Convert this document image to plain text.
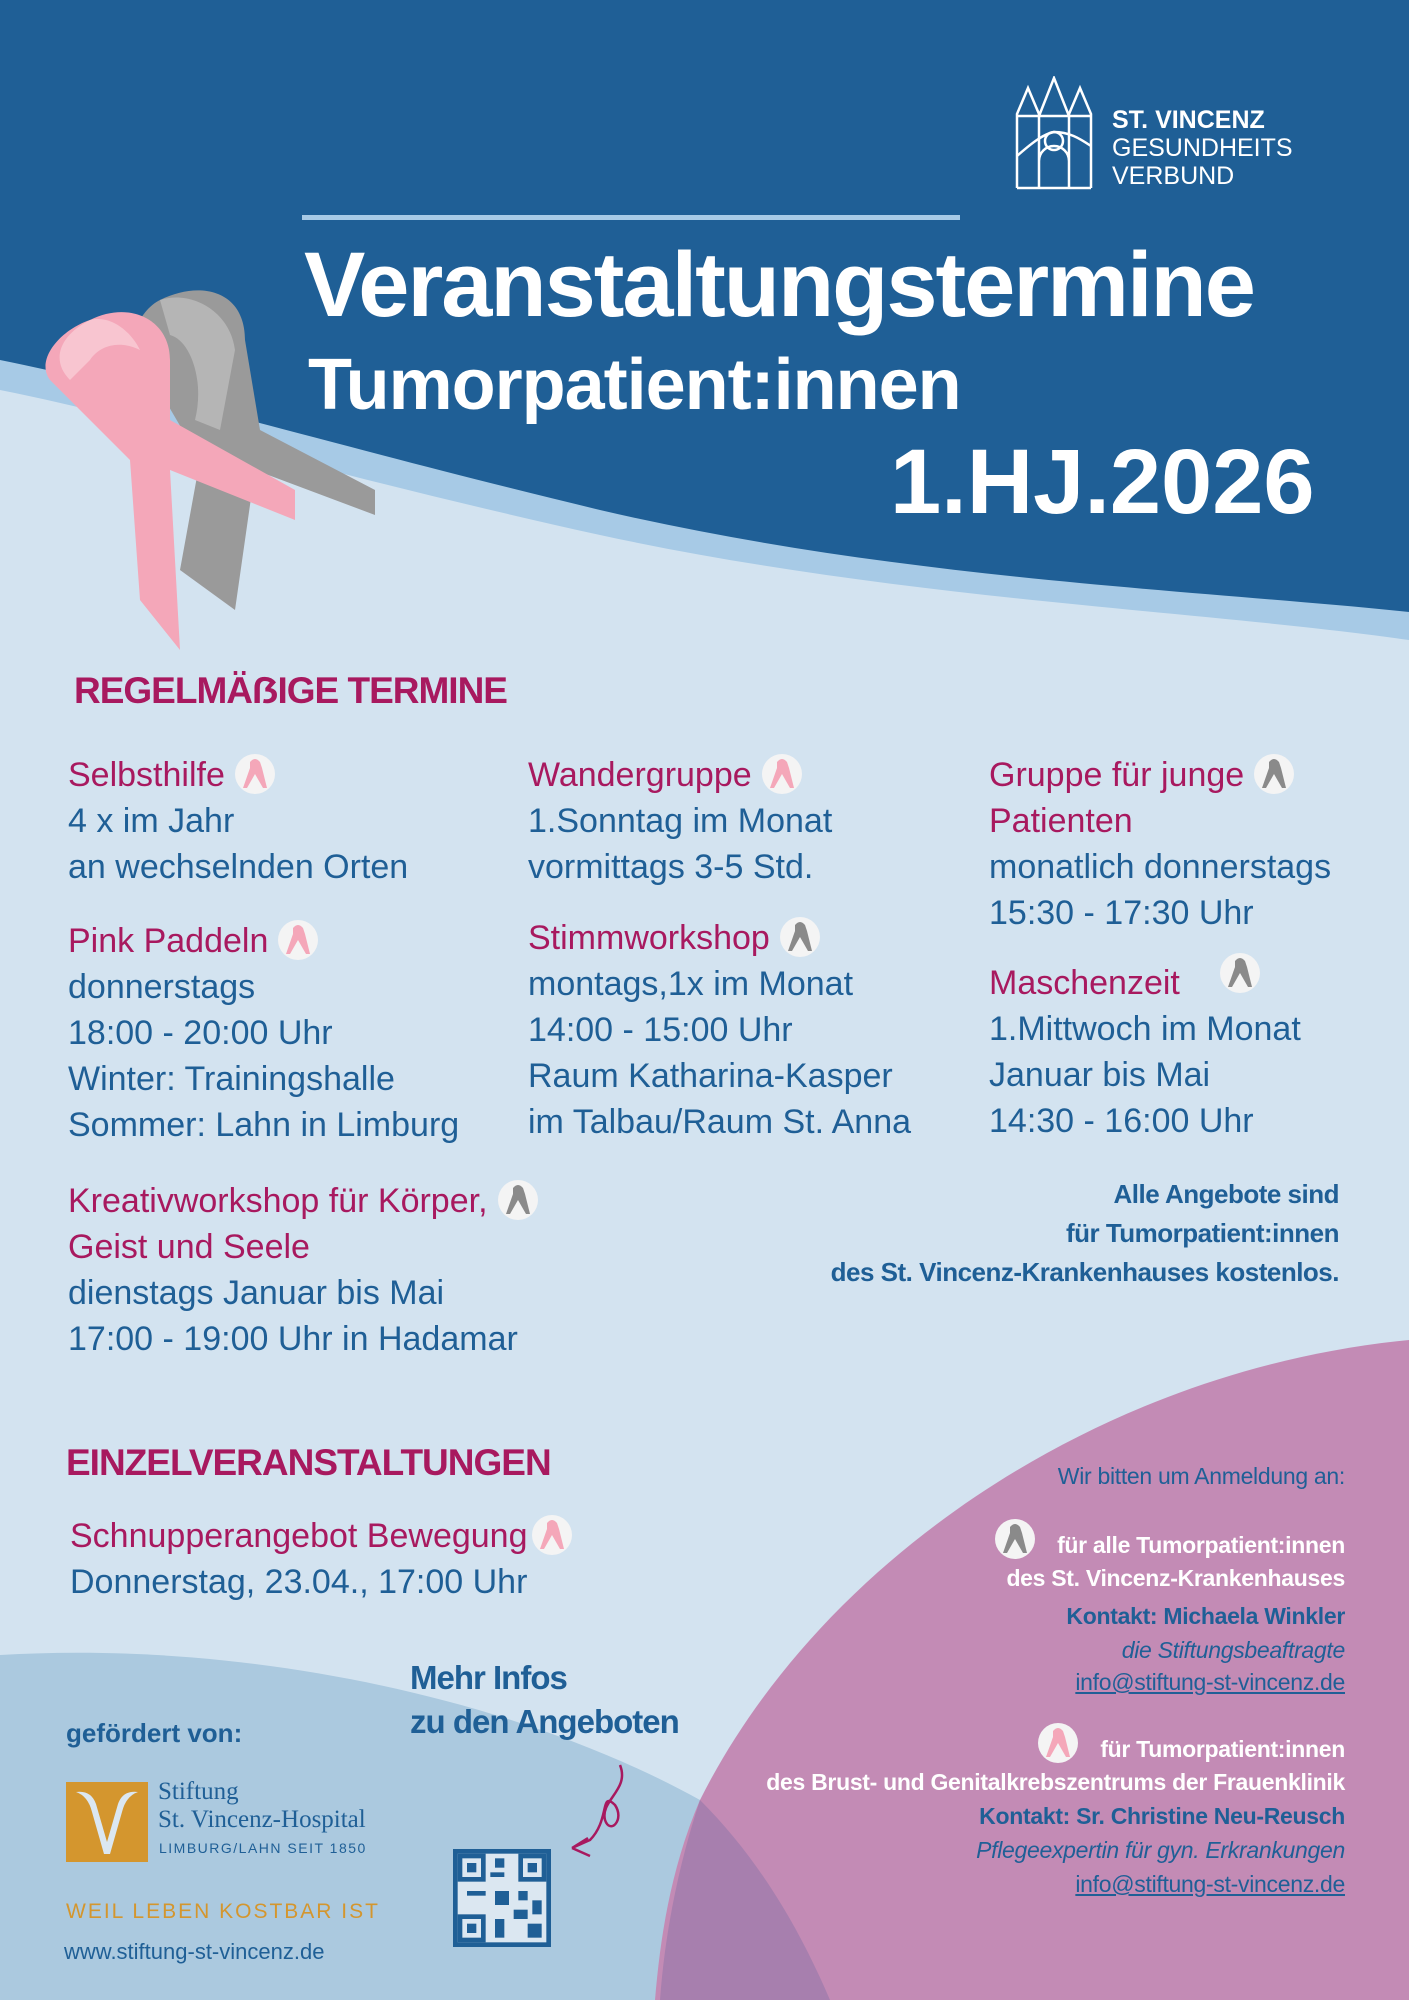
ST. VINCENZ
GESUNDHEITS
VERBUND
Veranstaltungstermine
Tumorpatient:innen
1.HJ.2026
REGELMÄẞIGE TERMINE
Selbsthilfe
4 x im Jahr
an wechselnden Orten
Pink Paddeln
donnerstags
18:00 - 20:00 Uhr
Winter: Trainingshalle
Sommer: Lahn in Limburg
Kreativworkshop für Körper,
Geist und Seele
dienstags Januar bis Mai
17:00 - 19:00 Uhr in Hadamar
Wandergruppe
1.Sonntag im Monat
vormittags 3-5 Std.
Stimmworkshop
montags,1x im Monat
14:00 - 15:00 Uhr
Raum Katharina-Kasper
im Talbau/Raum St. Anna
Gruppe für junge
Patienten
monatlich donnerstags
15:30 - 17:30 Uhr
Maschenzeit
1.Mittwoch im Monat
Januar bis Mai
14:30 - 16:00 Uhr
Alle Angebote sind
für Tumorpatient:innen
des St. Vincenz-Krankenhauses kostenlos.
EINZELVERANSTALTUNGEN
Schnupperangebot Bewegung
Donnerstag, 23.04., 17:00 Uhr
Mehr Infos
zu den Angeboten
gefördert von:
Stiftung
St. Vincenz-Hospital
LIMBURG/LAHN SEIT 1850
WEIL LEBEN KOSTBAR IST
www.stiftung-st-vincenz.de
Wir bitten um Anmeldung an:
für alle Tumorpatient:innen
des St. Vincenz-Krankenhauses
Kontakt: Michaela Winkler
die Stiftungsbeaftragte
info@stiftung-st-vincenz.de
für Tumorpatient:innen
des Brust- und Genitalkrebszentrums der Frauenklinik
Kontakt: Sr. Christine Neu-Reusch
Pflegeexpertin für gyn. Erkrankungen
info@stiftung-st-vincenz.de
